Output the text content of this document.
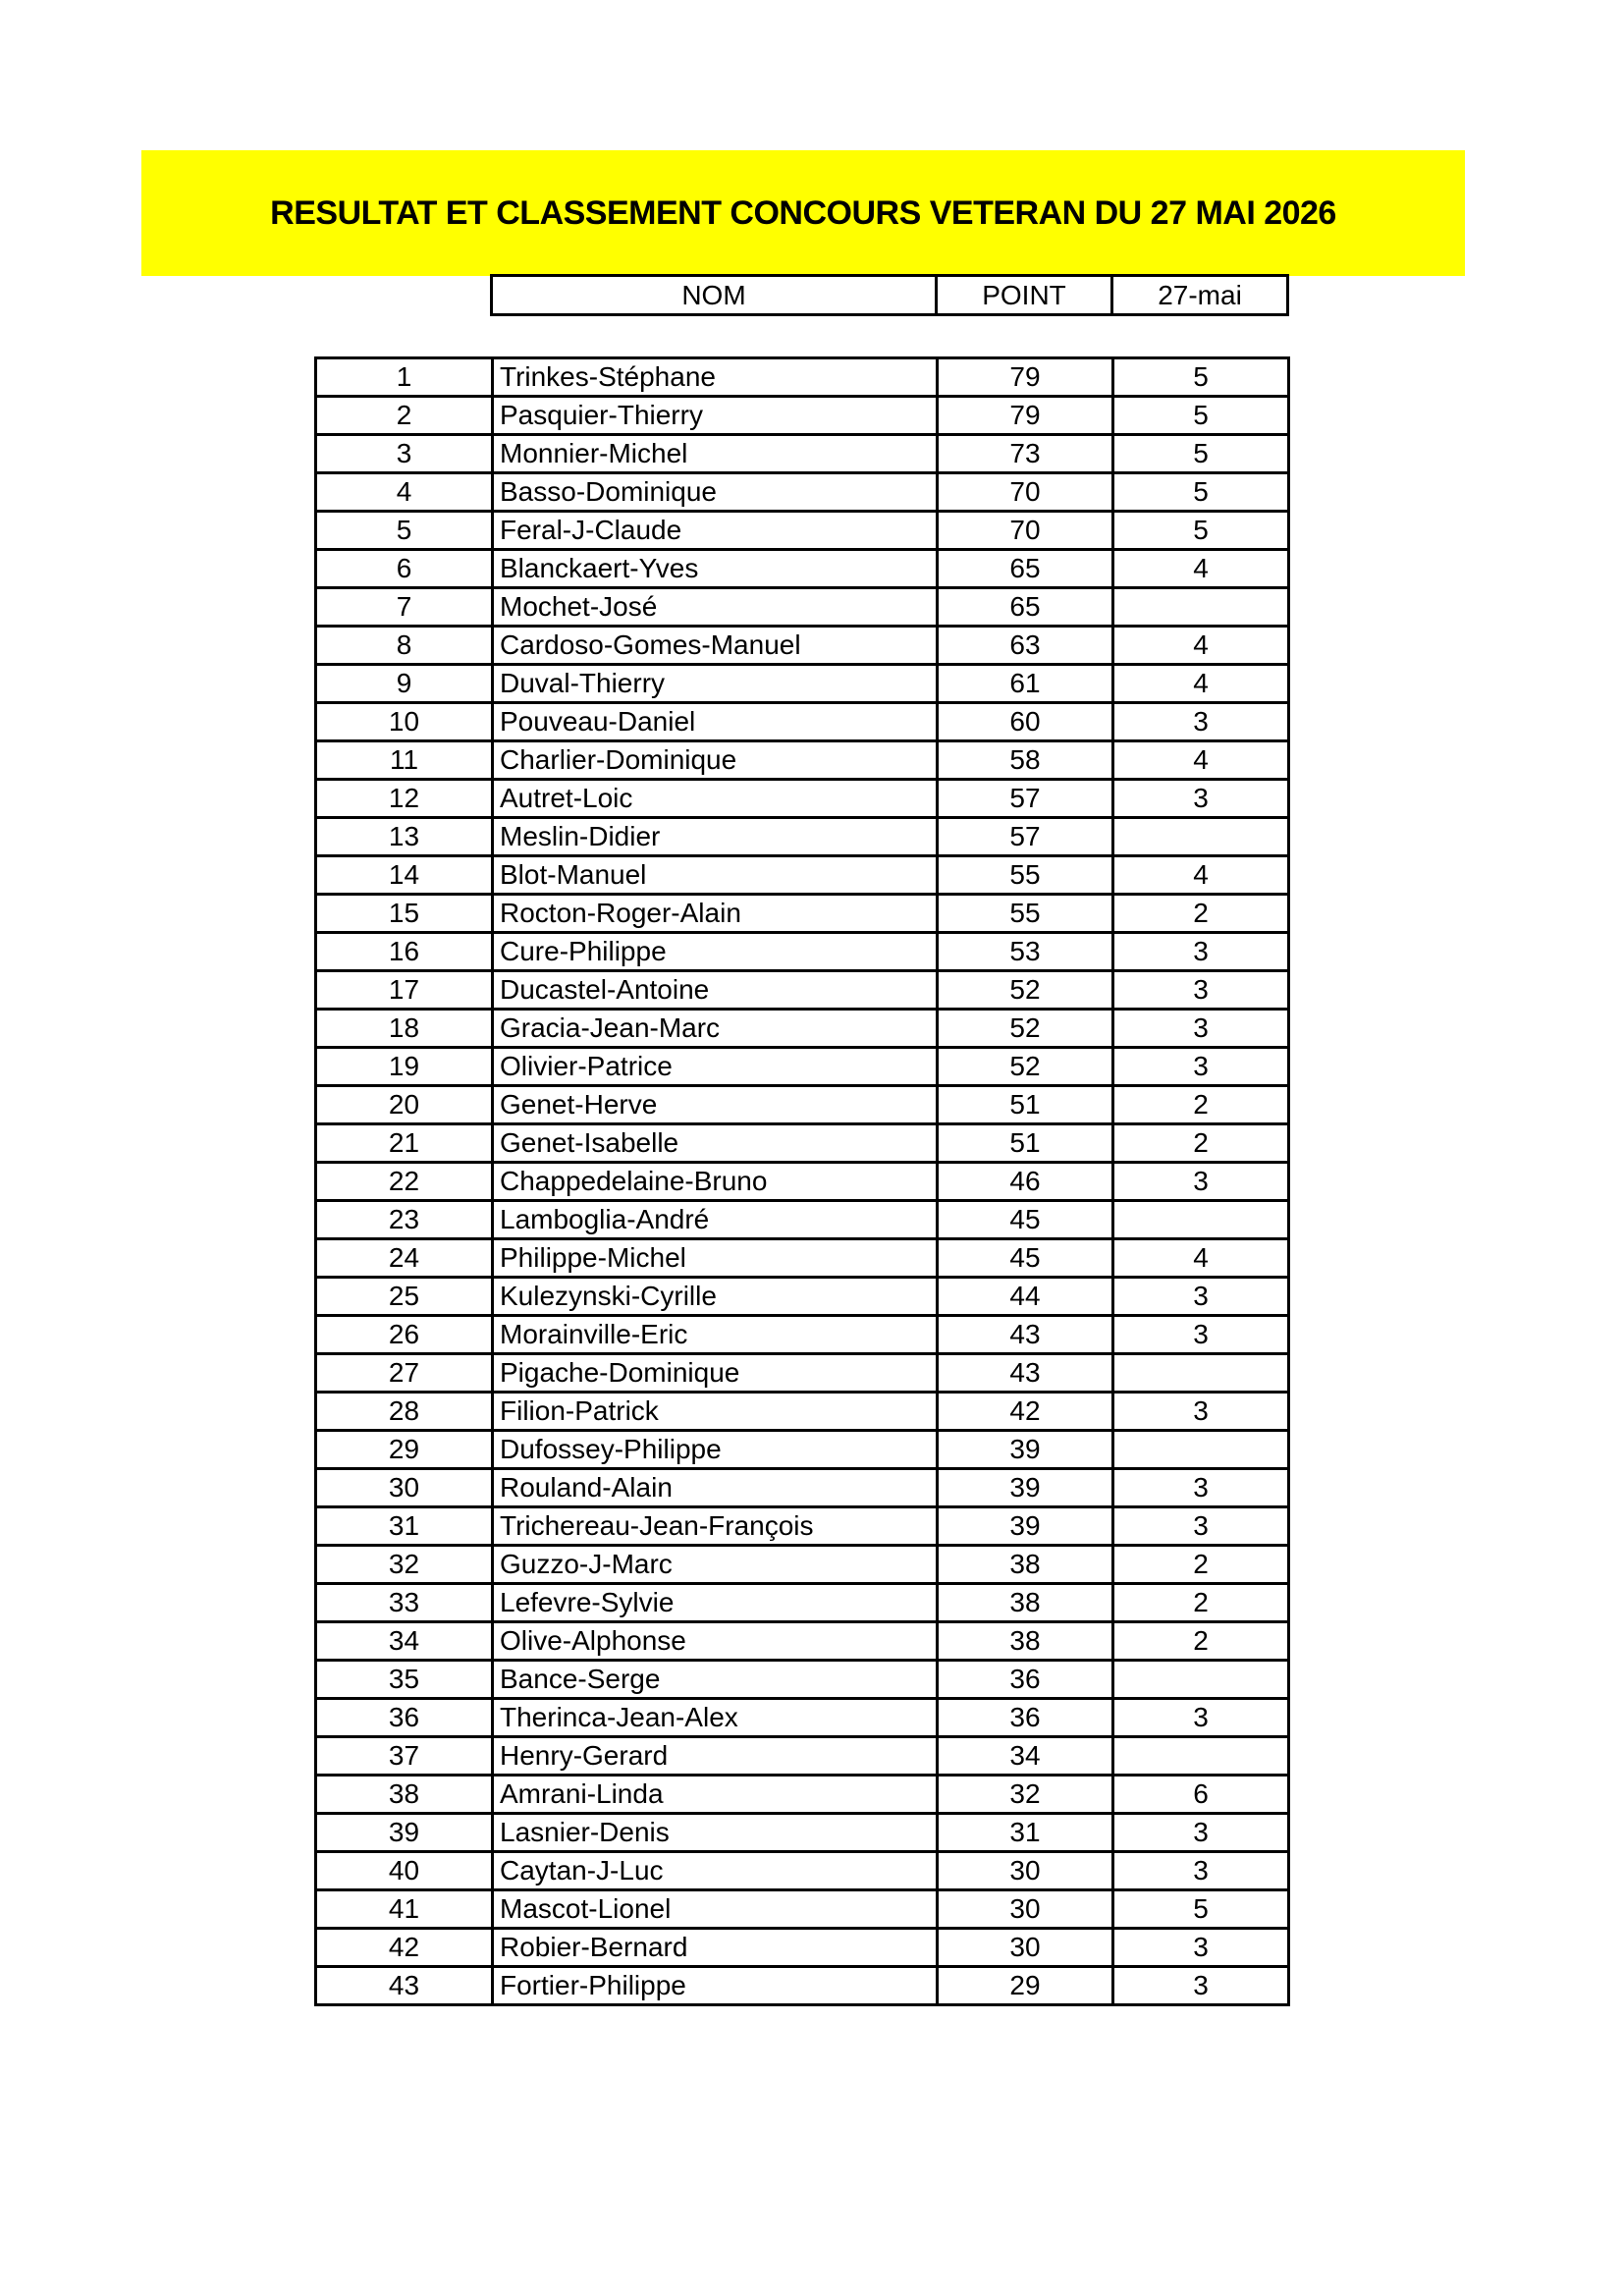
RESULTAT ET CLASSEMENT CONCOURS VETERAN DU 27 MAI 2026
NOM	POINT	27-mai
1	Trinkes-Stéphane	79	5
2	Pasquier-Thierry	79	5
3	Monnier-Michel	73	5
4	Basso-Dominique	70	5
5	Feral-J-Claude	70	5
6	Blanckaert-Yves	65	4
7	Mochet-José	65	
8	Cardoso-Gomes-Manuel	63	4
9	Duval-Thierry	61	4
10	Pouveau-Daniel	60	3
11	Charlier-Dominique	58	4
12	Autret-Loic	57	3
13	Meslin-Didier	57	
14	Blot-Manuel	55	4
15	Rocton-Roger-Alain	55	2
16	Cure-Philippe	53	3
17	Ducastel-Antoine	52	3
18	Gracia-Jean-Marc	52	3
19	Olivier-Patrice	52	3
20	Genet-Herve	51	2
21	Genet-Isabelle	51	2
22	Chappedelaine-Bruno	46	3
23	Lamboglia-André	45	
24	Philippe-Michel	45	4
25	Kulezynski-Cyrille	44	3
26	Morainville-Eric	43	3
27	Pigache-Dominique	43	
28	Filion-Patrick	42	3
29	Dufossey-Philippe	39	
30	Rouland-Alain	39	3
31	Trichereau-Jean-François	39	3
32	Guzzo-J-Marc	38	2
33	Lefevre-Sylvie	38	2
34	Olive-Alphonse	38	2
35	Bance-Serge	36	
36	Therinca-Jean-Alex	36	3
37	Henry-Gerard	34	
38	Amrani-Linda	32	6
39	Lasnier-Denis	31	3
40	Caytan-J-Luc	30	3
41	Mascot-Lionel	30	5
42	Robier-Bernard	30	3
43	Fortier-Philippe	29	3
